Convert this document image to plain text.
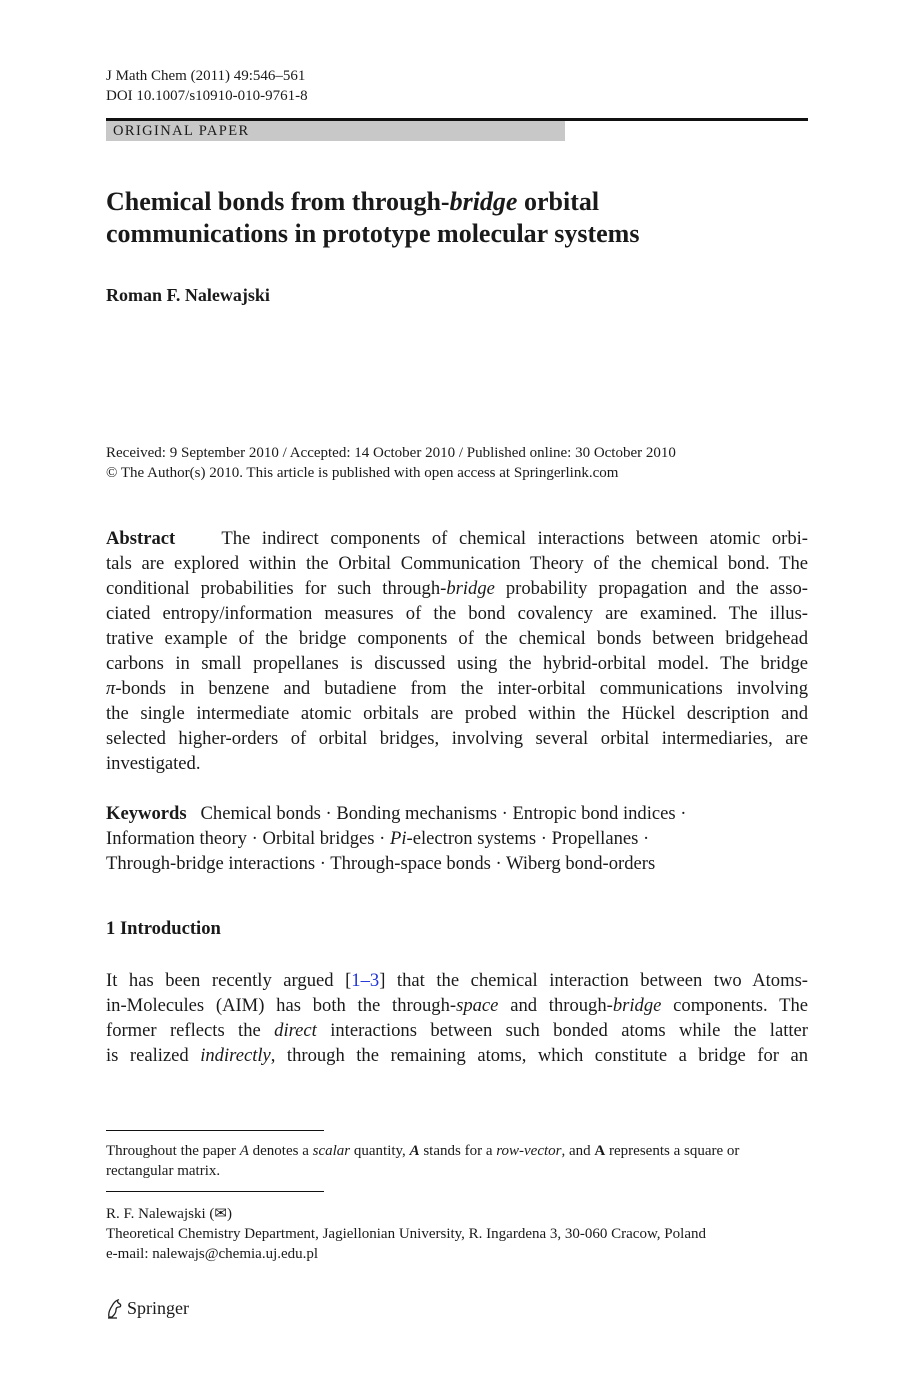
J Math Chem (2011) 49:546–561
DOI 10.1007/s10910-010-9761-8
ORIGINAL PAPER
Chemical bonds from through-bridge orbital
communications in prototype molecular systems
Roman F. Nalewajski
Received: 9 September 2010 / Accepted: 14 October 2010 / Published online: 30 October 2010
© The Author(s) 2010. This article is published with open access at Springerlink.com
Abstract The indirect components of chemical interactions between atomic orbi-
tals are explored within the Orbital Communication Theory of the chemical bond. The
conditional probabilities for such through-bridge probability propagation and the asso-
ciated entropy/information measures of the bond covalency are examined. The illus-
trative example of the bridge components of the chemical bonds between bridgehead
carbons in small propellanes is discussed using the hybrid-orbital model. The bridge
π-bonds in benzene and butadiene from the inter-orbital communications involving
the single intermediate atomic orbitals are probed within the Hückel description and
selected higher-orders of orbital bridges, involving several orbital intermediaries, are
investigated.
Keywords Chemical bonds · Bonding mechanisms · Entropic bond indices ·
Information theory · Orbital bridges · Pi-electron systems · Propellanes ·
Through-bridge interactions · Through-space bonds · Wiberg bond-orders
1 Introduction
It has been recently argued [1–3] that the chemical interaction between two Atoms-
in-Molecules (AIM) has both the through-space and through-bridge components. The
former reflects the direct interactions between such bonded atoms while the latter
is realized indirectly, through the remaining atoms, which constitute a bridge for an
Throughout the paper A denotes a scalar quantity, A stands for a row-vector, and A represents a square or
rectangular matrix.
R. F. Nalewajski (✉)
Theoretical Chemistry Department, Jagiellonian University, R. Ingardena 3, 30-060 Cracow, Poland
e-mail: nalewajs@chemia.uj.edu.pl
Springer
